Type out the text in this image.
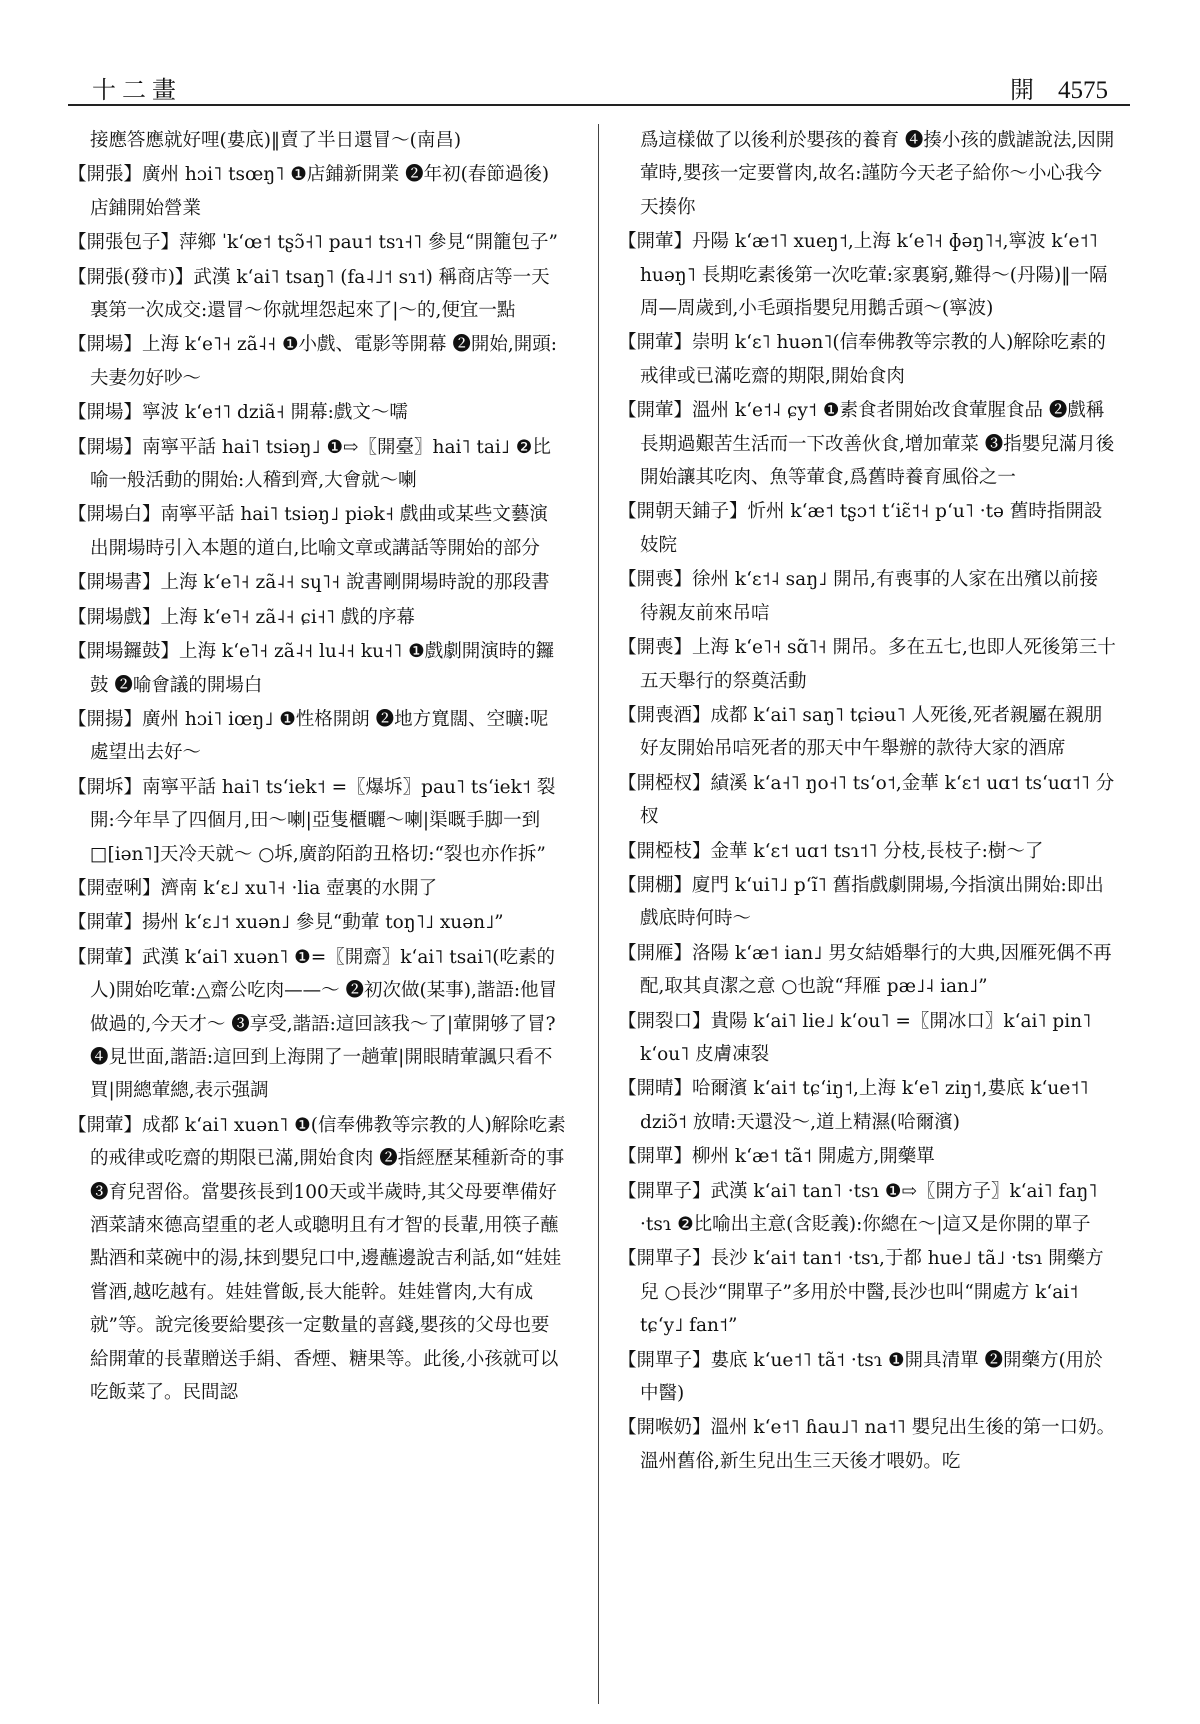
十二畫	開 4575

接應答應就好哩(婁底)‖賣了半日還冒～(南昌)

【開張】廣州 hɔi˥ tsœŋ˥ ❶店鋪新開業 ❷年初(春節過後)店鋪開始營業

【開張包子】萍鄉 ˈkʻœ˦ tʂɔ̃˧˥ pau˦ tsɿ˧˥ 參見“開籠包子”

【開張(發市)】武漢 kʻai˥ tsaŋ˥ (fa˨˩˦ sɿ˦) 稱商店等一天裏第一次成交:還冒～你就埋怨起來了|～的,便宜一點

【開場】上海 kʻe˥˧ zã˨˧ ❶小戲、電影等開幕 ❷開始,開頭:夫妻勿好吵～

【開場】寧波 kʻe˦˥ dziã˧ 開幕:戲文～嚅

【開場】南寧平話 hai˥ tsiəŋ˩ ❶⇨〖開臺〗hai˥ tai˩ ❷比喻一般活動的開始:人稽到齊,大會就～喇

【開場白】南寧平話 hai˥ tsiəŋ˩ piək˧ 戲曲或某些文藝演出開場時引入本題的道白,比喻文章或講話等開始的部分

【開場書】上海 kʻe˥˧ zã˨˧ sɥ˥˧ 說書剛開場時說的那段書

【開場戲】上海 kʻe˥˧ zã˨˧ ɕi˧˥ 戲的序幕

【開場鑼鼓】上海 kʻe˥˧ zã˨˧ lu˨˧ ku˧˥ ❶戲劇開演時的鑼鼓 ❷喻會議的開場白

【開揚】廣州 hɔi˥ iœŋ˩ ❶性格開朗 ❷地方寬闊、空曠:呢處望出去好～

【開坼】南寧平話 hai˥ tsʻiek˦ =〖爆坼〗pau˥ tsʻiek˦ 裂開:今年旱了四個月,田～喇|亞隻櫃曬～喇|渠嘅手脚一到□[iən˥]天冷天就～ ○坼,廣韵陌韵丑格切:“裂也亦作拆”

【開壺唎】濟南 kʻɛ˩ xu˥˧ ·lia 壺裏的水開了

【開葷】揚州 kʻɛ˩˦ xuən˩ 參見“動葷 toŋ˥˩ xuən˩”

【開葷】武漢 kʻai˥ xuən˥ ❶=〖開齋〗kʻai˥ tsai˥(吃素的人)開始吃葷:△齋公吃肉——～ ❷初次做(某事),諧語:他冒做過的,今天才～ ❸享受,諧語:這回該我～了|葷開够了冒? ❹見世面,諧語:這回到上海開了一趟葷|開眼睛葷諷只看不買|開總葷總,表示强調

【開葷】成都 kʻai˥ xuən˥ ❶(信奉佛教等宗教的人)解除吃素的戒律或吃齋的期限已滿,開始食肉 ❷指經歷某種新奇的事 ❸育兒習俗。當嬰孩長到100天或半歲時,其父母要準備好酒菜請來德高望重的老人或聰明且有才智的長輩,用筷子蘸點酒和菜碗中的湯,抹到嬰兒口中,邊蘸邊說吉利話,如“娃娃嘗酒,越吃越有。娃娃嘗飯,長大能幹。娃娃嘗肉,大有成就”等。說完後要給嬰孩一定數量的喜錢,嬰孩的父母也要給開葷的長輩贈送手絹、香煙、糖果等。此後,小孩就可以吃飯菜了。民間認

爲這樣做了以後利於嬰孩的養育 ❹揍小孩的戲謔說法,因開葷時,嬰孩一定要嘗肉,故名:謹防今天老子給你～小心我今天揍你

【開葷】丹陽 kʻæ˦˥ xueŋ˦,上海 kʻe˥˧ ɸəŋ˥˧,寧波 kʻe˦˥ huəŋ˥ 長期吃素後第一次吃葷:家裏窮,難得～(丹陽)‖一隔周—周歲到,小毛頭指嬰兒用鵝舌頭～(寧波)

【開葷】崇明 kʻɛ˥ huən˥(信奉佛教等宗教的人)解除吃素的戒律或已滿吃齋的期限,開始食肉

【開葷】溫州 kʻe˦˨ ɕy˦ ❶素食者開始改食葷腥食品 ❷戲稱長期過艱苦生活而一下改善伙食,增加葷菜 ❸指嬰兒滿月後開始讓其吃肉、魚等葷食,爲舊時養育風俗之一

【開朝天鋪子】忻州 kʻæ˦ tʂɔ˦ tʻiɛ̃˦˧ pʻu˥ ·tə 舊時指開設妓院

【開喪】徐州 kʻɛ˦˨ saŋ˩ 開吊,有喪事的人家在出殯以前接待親友前來吊唁

【開喪】上海 kʻe˥˧ sɑ̃˥˧ 開吊。多在五七,也即人死後第三十五天舉行的祭奠活動

【開喪酒】成都 kʻai˥ saŋ˥ tɕiəu˥ 人死後,死者親屬在親朋好友開始吊唁死者的那天中午舉辦的款待大家的酒席

【開椏杈】績溪 kʻa˧˥ ŋo˧˥ tsʻo˦,金華 kʻɛ˦ uɑ˦ tsʻuɑ˦˥ 分杈

【開椏枝】金華 kʻɛ˦ uɑ˦ tsɿ˦˥ 分枝,長枝子:樹～了

【開棚】廈門 kʻui˥˩ pʻĩ˥ 舊指戲劇開場,今指演出開始:即出戲底時何時～

【開雁】洛陽 kʻæ˦ ian˩ 男女結婚舉行的大典,因雁死偶不再配,取其貞潔之意 ○也說“拜雁 pæ˩˨ ian˩”

【開裂口】貴陽 kʻai˥ lie˩ kʻou˥ =〖開冰口〗kʻai˥ pin˥ kʻou˥ 皮膚凍裂

【開晴】哈爾濱 kʻai˦ tɕʻiŋ˦,上海 kʻe˥ ziŋ˦,婁底 kʻue˦˥ dziɔ̃˦ 放晴:天還没～,道上精濕(哈爾濱)

【開單】柳州 kʻæ˦ tã˦ 開處方,開藥單

【開單子】武漢 kʻai˥ tan˥ ·tsɿ ❶⇨〖開方子〗kʻai˥ faŋ˥ ·tsɿ ❷比喻出主意(含貶義):你總在～|這又是你開的單子

【開單子】長沙 kʻai˦ tan˦ ·tsɿ,于都 hue˩ tã˩ ·tsɿ 開藥方兒 ○長沙“開單子”多用於中醫,長沙也叫“開處方 kʻai˦ tɕʻy˩ fan˦”

【開單子】婁底 kʻue˦˥ tã˦ ·tsɿ ❶開具清單 ❷開藥方(用於中醫)

【開喉奶】溫州 kʻe˦˥ ɦau˩˥ na˦˥ 嬰兒出生後的第一口奶。溫州舊俗,新生兒出生三天後才喂奶。吃
